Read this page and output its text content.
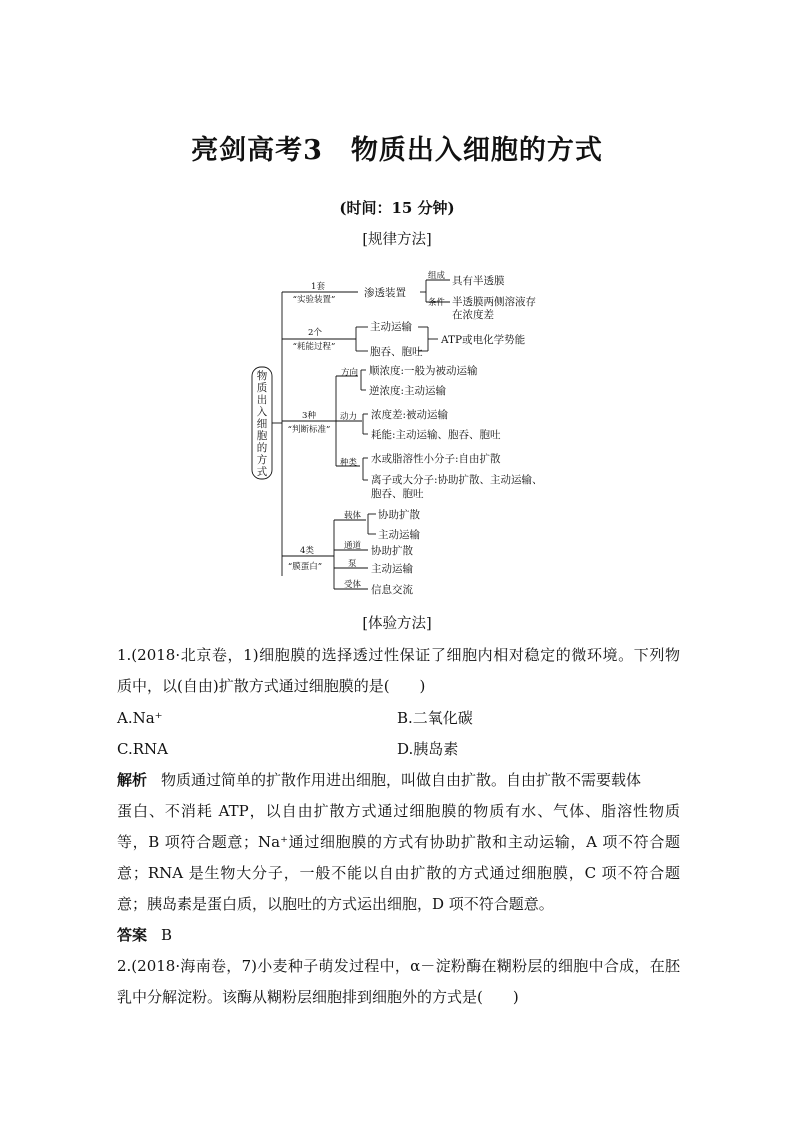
亮剑高考3　物质出入细胞的方式
(时间：15 分钟)
[规律方法]
物
质
出
入
细
胞
的
方
式
1套
“实验装置”
渗透装置
组成 具有半透膜
条件 半透膜两侧溶液存
在浓度差
2个
“耗能过程”
主动运输
胞吞、胞吐
ATP或电化学势能
3种
“判断标准”
方向 顺浓度:一般为被动运输
逆浓度:主动运输
动力 浓度差:被动运输
耗能:主动运输、胞吞、胞吐
种类 水或脂溶性小分子:自由扩散
离子或大分子:协助扩散、主动运输、
胞吞、胞吐
4类
“膜蛋白”
载体 协助扩散
主动运输
通道 协助扩散
泵 主动运输
受体 信息交流
[体验方法]
1.(2018·北京卷，1)细胞膜的选择透过性保证了细胞内相对稳定的微环境。下列物
质中，以(自由)扩散方式通过细胞膜的是(　　)
A.Na⁺	B.二氧化碳
C.RNA	D.胰岛素
解析 物质通过简单的扩散作用进出细胞，叫做自由扩散。自由扩散不需要载体
蛋白、不消耗 ATP，以自由扩散方式通过细胞膜的物质有水、气体、脂溶性物质
等，B 项符合题意；Na⁺通过细胞膜的方式有协助扩散和主动运输，A 项不符合题
意；RNA 是生物大分子，一般不能以自由扩散的方式通过细胞膜，C 项不符合题
意；胰岛素是蛋白质，以胞吐的方式运出细胞，D 项不符合题意。
答案 B
2.(2018·海南卷，7)小麦种子萌发过程中，α－淀粉酶在糊粉层的细胞中合成，在胚
乳中分解淀粉。该酶从糊粉层细胞排到细胞外的方式是(　　)
